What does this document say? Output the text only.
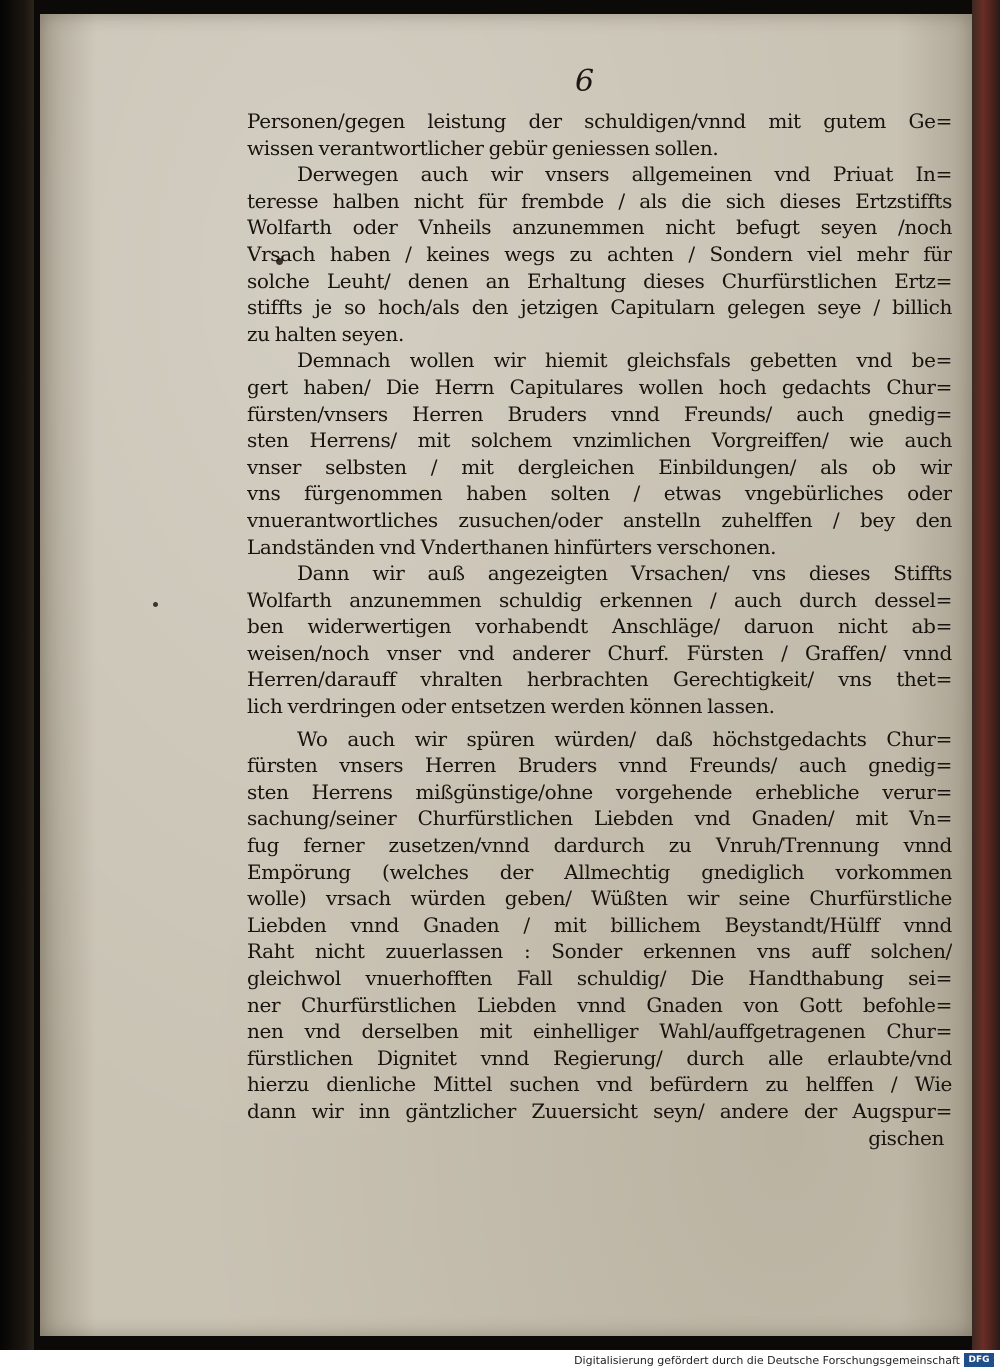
6
Personen/gegen leistung der schuldigen/vnnd mit gutem Ge=
wissen verantwortlicher gebür geniessen sollen.
Derwegen auch wir vnsers allgemeinen vnd Priuat In=
teresse halben nicht für frembde / als die sich dieses Ertzstiffts
Wolfarth oder Vnheils anzunemmen nicht befugt seyen /noch
Vrsach haben / keines wegs zu achten / Sondern viel mehr für
solche Leuht/ denen an Erhaltung dieses Churfürstlichen Ertz=
stiffts je so hoch/als den jetzigen Capitularn gelegen seye / billich
zu halten seyen.
Demnach wollen wir hiemit gleichsfals gebetten vnd be=
gert haben/ Die Herrn Capitulares wollen hoch gedachts Chur=
fürsten/vnsers Herren Bruders vnnd Freunds/ auch gnedig=
sten Herrens/ mit solchem vnzimlichen Vorgreiffen/ wie auch
vnser selbsten / mit dergleichen Einbildungen/ als ob wir
vns fürgenommen haben solten / etwas vngebürliches oder
vnuerantwortliches zusuchen/oder anstelln zuhelffen / bey den
Landständen vnd Vnderthanen hinfürters verschonen.
Dann wir auß angezeigten Vrsachen/ vns dieses Stiffts
Wolfarth anzunemmen schuldig erkennen / auch durch dessel=
ben widerwertigen vorhabendt Anschläge/ daruon nicht ab=
weisen/noch vnser vnd anderer Churf. Fürsten / Graffen/ vnnd
Herren/darauff vhralten herbrachten Gerechtigkeit/ vns thet=
lich verdringen oder entsetzen werden können lassen.
Wo auch wir spüren würden/ daß höchstgedachts Chur=
fürsten vnsers Herren Bruders vnnd Freunds/ auch gnedig=
sten Herrens mißgünstige/ohne vorgehende erhebliche verur=
sachung/seiner Churfürstlichen Liebden vnd Gnaden/ mit Vn=
fug ferner zusetzen/vnnd dardurch zu Vnruh/Trennung vnnd
Empörung (welches der Allmechtig gnediglich vorkommen
wolle) vrsach würden geben/ Wüßten wir seine Churfürstliche
Liebden vnnd Gnaden / mit billichem Beystandt/Hülff vnnd
Raht nicht zuuerlassen : Sonder erkennen vns auff solchen/
gleichwol vnuerhofften Fall schuldig/ Die Handthabung sei=
ner Churfürstlichen Liebden vnnd Gnaden von Gott befohle=
nen vnd derselben mit einhelliger Wahl/auffgetragenen Chur=
fürstlichen Dignitet vnnd Regierung/ durch alle erlaubte/vnd
hierzu dienliche Mittel suchen vnd befürdern zu helffen / Wie
dann wir inn gäntzlicher Zuuersicht seyn/ andere der Augspur=
gischen
Digitalisierung gefördert durch die Deutsche Forschungsgemeinschaft DFG
